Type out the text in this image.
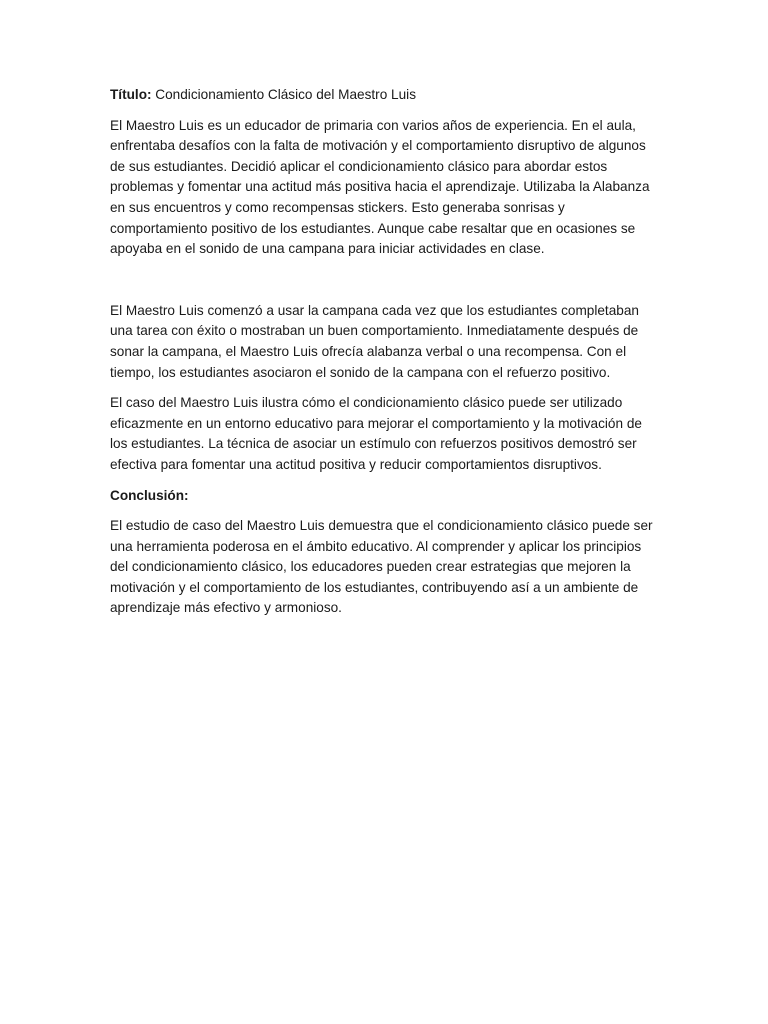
Título: Condicionamiento Clásico del Maestro Luis

El Maestro Luis es un educador de primaria con varios años de experiencia. En el aula, enfrentaba desafíos con la falta de motivación y el comportamiento disruptivo de algunos de sus estudiantes. Decidió aplicar el condicionamiento clásico para abordar estos problemas y fomentar una actitud más positiva hacia el aprendizaje. Utilizaba la Alabanza en sus encuentros y como recompensas stickers. Esto generaba sonrisas y comportamiento positivo de los estudiantes. Aunque cabe resaltar que en ocasiones se apoyaba en el sonido de una campana para iniciar actividades en clase.

El Maestro Luis comenzó a usar la campana cada vez que los estudiantes completaban una tarea con éxito o mostraban un buen comportamiento. Inmediatamente después de sonar la campana, el Maestro Luis ofrecía alabanza verbal o una recompensa. Con el tiempo, los estudiantes asociaron el sonido de la campana con el refuerzo positivo.

El caso del Maestro Luis ilustra cómo el condicionamiento clásico puede ser utilizado eficazmente en un entorno educativo para mejorar el comportamiento y la motivación de los estudiantes. La técnica de asociar un estímulo con refuerzos positivos demostró ser efectiva para fomentar una actitud positiva y reducir comportamientos disruptivos.

Conclusión:

El estudio de caso del Maestro Luis demuestra que el condicionamiento clásico puede ser una herramienta poderosa en el ámbito educativo. Al comprender y aplicar los principios del condicionamiento clásico, los educadores pueden crear estrategias que mejoren la motivación y el comportamiento de los estudiantes, contribuyendo así a un ambiente de aprendizaje más efectivo y armonioso.
